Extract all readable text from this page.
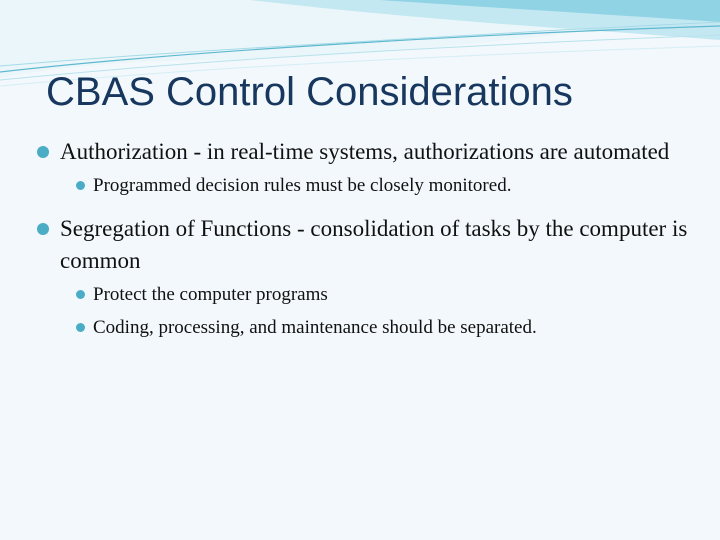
CBAS Control Considerations
Authorization - in real-time systems, authorizations are automated
Programmed decision rules must be closely monitored.
Segregation of Functions - consolidation of tasks by the computer is common
Protect the computer programs
Coding, processing, and maintenance should be separated.
